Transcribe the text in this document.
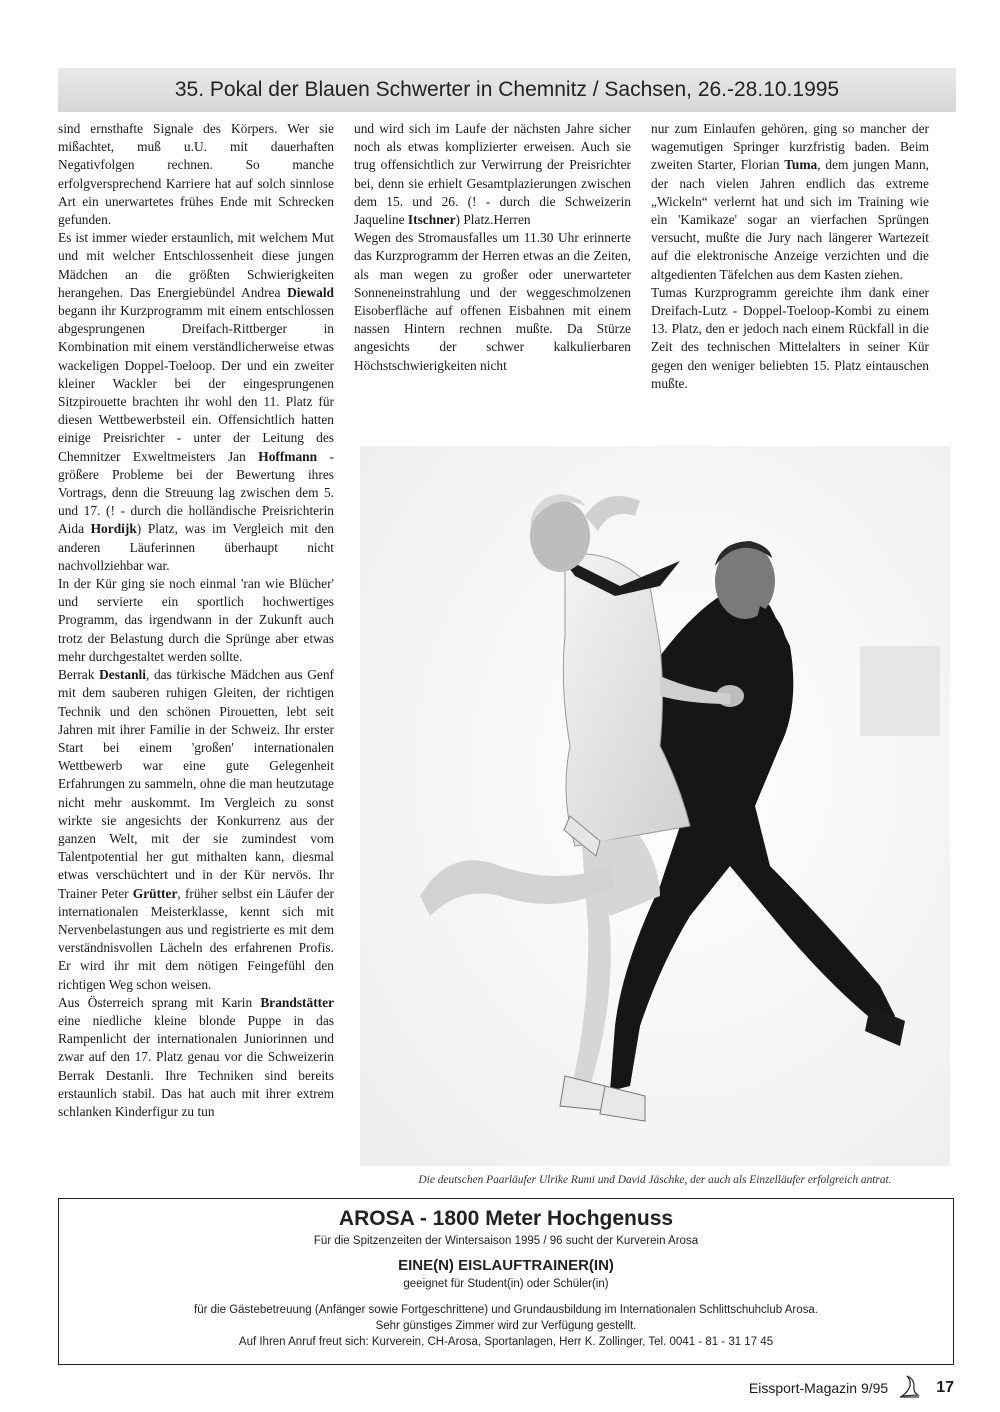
35. Pokal der Blauen Schwerter in Chemnitz / Sachsen, 26.-28.10.1995

sind ernsthafte Signale des Körpers. Wer sie mißachtet, muß u.U. mit dauerhaften Negativfolgen rechnen. So manche erfolgversprechend Karriere hat auf solch sinnlose Art ein unerwartetes frühes Ende mit Schrecken gefunden.

Es ist immer wieder erstaunlich, mit welchem Mut und mit welcher Entschlossenheit diese jungen Mädchen an die größten Schwierigkeiten herangehen. Das Energiebündel Andrea Diewald begann ihr Kurzprogramm mit einem entschlossen abgesprungenen Dreifach-Rittberger in Kombination mit einem verständlicherweise etwas wackeligen Doppel-Toeloop. Der und ein zweiter kleiner Wackler bei der eingesprungenen Sitzpirouette brachten ihr wohl den 11. Platz für diesen Wettbewerbsteil ein. Offensichtlich hatten einige Preisrichter - unter der Leitung des Chemnitzer Exweltmeisters Jan Hoffmann - größere Probleme bei der Bewertung ihres Vortrags, denn die Streuung lag zwischen dem 5. und 17. (! - durch die holländische Preisrichterin Aida Hordijk) Platz, was im Vergleich mit den anderen Läuferinnen überhaupt nicht nachvollziehbar war.

In der Kür ging sie noch einmal 'ran wie Blücher' und servierte ein sportlich hochwertiges Programm, das irgendwann in der Zukunft auch trotz der Belastung durch die Sprünge aber etwas mehr durchgestaltet werden sollte.

Berrak Destanli, das türkische Mädchen aus Genf mit dem sauberen ruhigen Gleiten, der richtigen Technik und den schönen Pirouetten, lebt seit Jahren mit ihrer Familie in der Schweiz. Ihr erster Start bei einem 'großen' internationalen Wettbewerb war eine gute Gelegenheit Erfahrungen zu sammeln, ohne die man heutzutage nicht mehr auskommt. Im Vergleich zu sonst wirkte sie angesichts der Konkurrenz aus der ganzen Welt, mit der sie zumindest vom Talentpotential her gut mithalten kann, diesmal etwas verschüchtert und in der Kür nervös. Ihr Trainer Peter Grütter, früher selbst ein Läufer der internationalen Meisterklasse, kennt sich mit Nervenbelastungen aus und registrierte es mit dem verständnisvollen Lächeln des erfahrenen Profis. Er wird ihr mit dem nötigen Feingefühl den richtigen Weg schon weisen.

Aus Österreich sprang mit Karin Brandstätter eine niedliche kleine blonde Puppe in das Rampenlicht der internationalen Juniorinnen und zwar auf den 17. Platz genau vor die Schweizerin Berrak Destanli. Ihre Techniken sind bereits erstaunlich stabil. Das hat auch mit ihrer extrem schlanken Kinderfigur zu tun

und wird sich im Laufe der nächsten Jahre sicher noch als etwas komplizierter erweisen. Auch sie trug offensichtlich zur Verwirrung der Preisrichter bei, denn sie erhielt Gesamtplazierungen zwischen dem 15. und 26. (! - durch die Schweizerin Jaqueline Itschner) Platz.Herren

Wegen des Stromausfalles um 11.30 Uhr erinnerte das Kurzprogramm der Herren etwas an die Zeiten, als man wegen zu großer oder unerwarteter Sonneneinstrahlung und der weggeschmolzenen Eisoberfläche auf offenen Eisbahnen mit einem nassen Hintern rechnen mußte. Da Stürze angesichts der schwer kalkulierbaren Höchstschwierigkeiten nicht

nur zum Einlaufen gehören, ging so mancher der wagemutigen Springer kurzfristig baden. Beim zweiten Starter, Florian Tuma, dem jungen Mann, der nach vielen Jahren endlich das extreme „Wickeln“ verlernt hat und sich im Training wie ein 'Kamikaze' sogar an vierfachen Sprüngen versucht, mußte die Jury nach längerer Wartezeit auf die elektronische Anzeige verzichten und die altgedienten Täfelchen aus dem Kasten ziehen.

Tumas Kurzprogramm gereichte ihm dank einer Dreifach-Lutz - Doppel-Toeloop-Kombi zu einem 13. Platz, den er jedoch nach einem Rückfall in die Zeit des technischen Mittelalters in seiner Kür gegen den weniger beliebten 15. Platz eintauschen mußte.

Die deutschen Paarläufer Ulrike Rumi und David Jäschke, der auch als Einzelläufer erfolgreich antrat.
AROSA - 1800 Meter Hochgenuss
Für die Spitzenzeiten der Wintersaison 1995 / 96 sucht der Kurverein Arosa
EINE(N) EISLAUFTRAINER(IN)
geeignet für Student(in) oder Schüler(in)
für die Gästebetreuung (Anfänger sowie Fortgeschrittene) und Grundausbildung im Internationalen Schlittschuhclub Arosa.
Sehr günstiges Zimmer wird zur Verfügung gestellt.
Auf Ihren Anruf freut sich: Kurverein, CH-Arosa, Sportanlagen, Herr K. Zollinger, Tel. 0041 - 81 - 31 17 45
Eissport-Magazin 9/95	17
